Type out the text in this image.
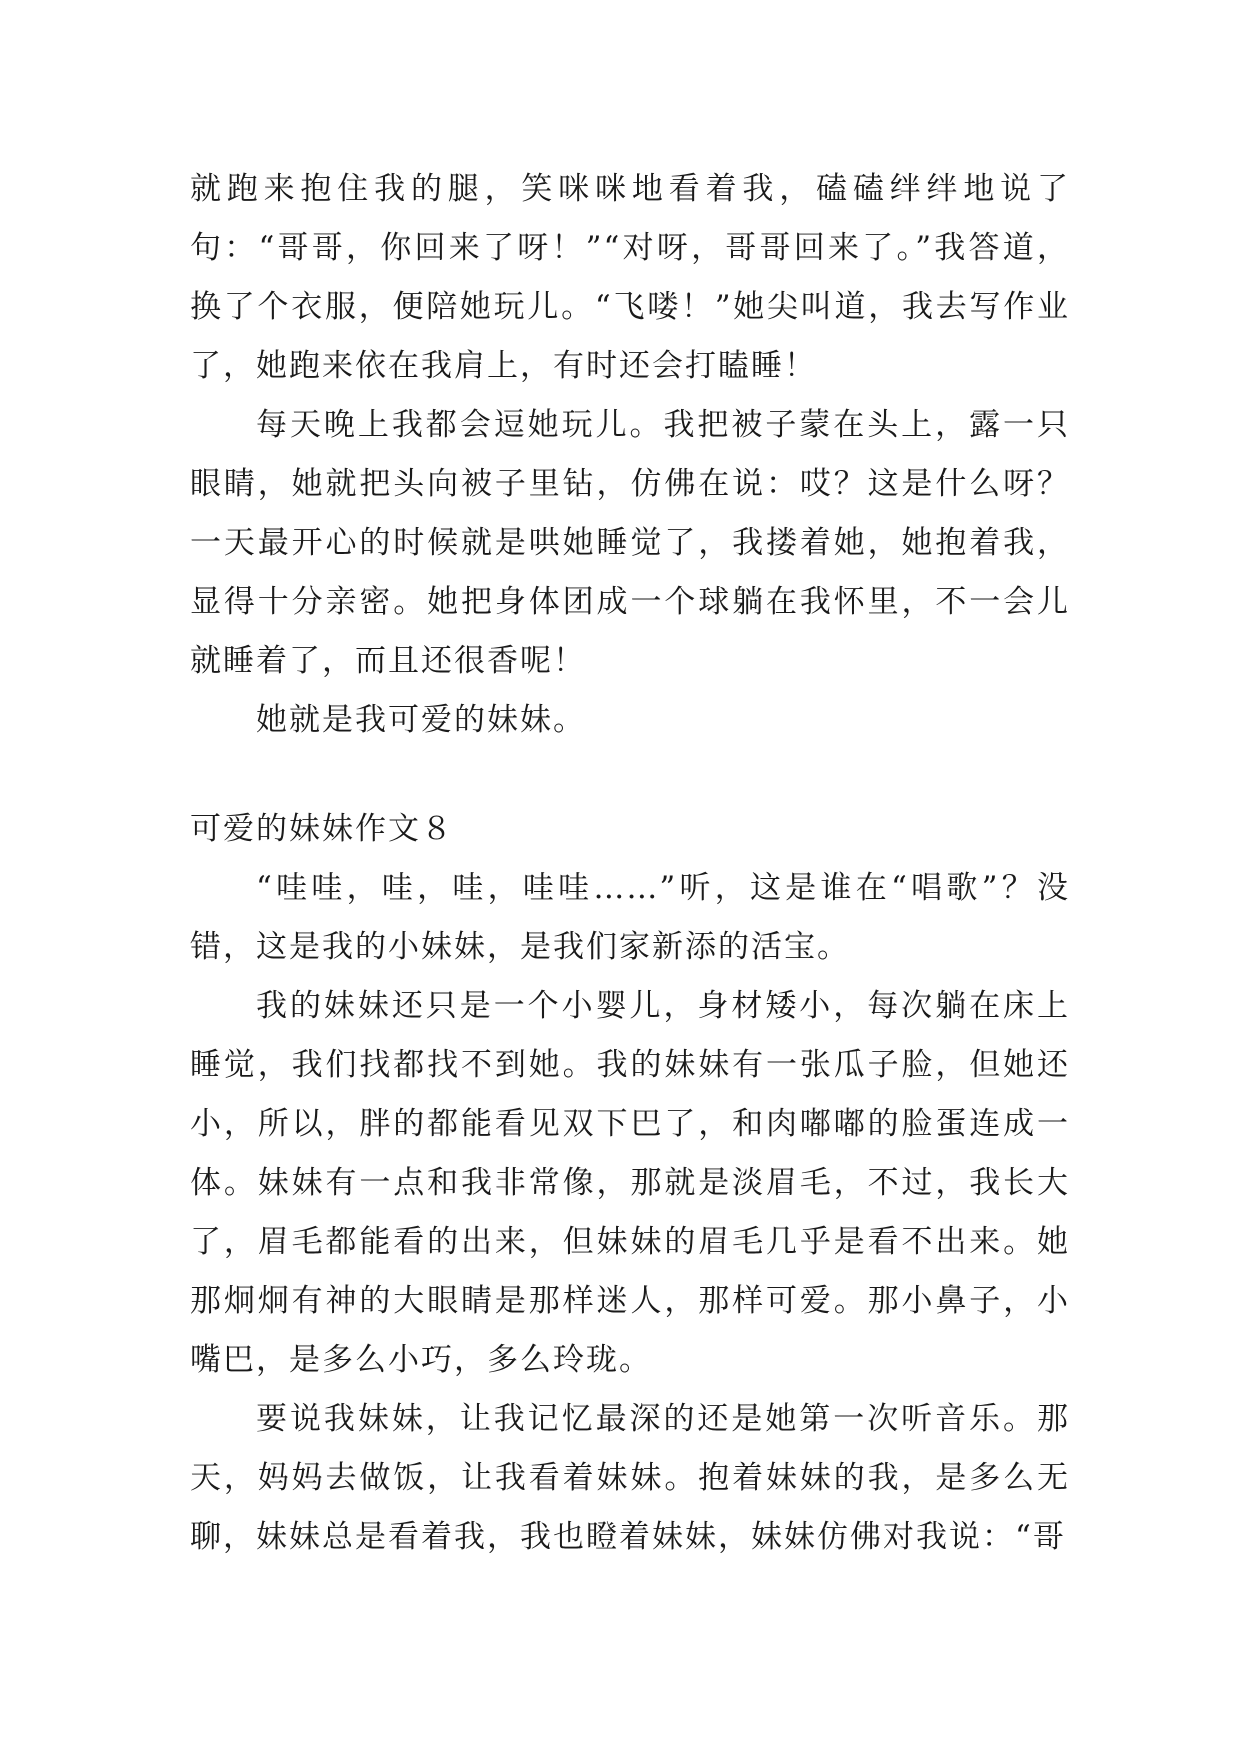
就跑来抱住我的腿，笑咪咪地看着我，磕磕绊绊地说了句：“哥哥，你回来了呀！”“对呀，哥哥回来了。”我答道，换了个衣服，便陪她玩儿。“飞喽！”她尖叫道，我去写作业了，她跑来依在我肩上，有时还会打瞌睡！

每天晚上我都会逗她玩儿。我把被子蒙在头上，露一只眼睛，她就把头向被子里钻，仿佛在说：哎？这是什么呀？一天最开心的时候就是哄她睡觉了，我搂着她，她抱着我，显得十分亲密。她把身体团成一个球躺在我怀里，不一会儿就睡着了，而且还很香呢！

她就是我可爱的妹妹。

可爱的妹妹作文８

“哇哇，哇，哇，哇哇……”听，这是谁在“唱歌”？没错，这是我的小妹妹，是我们家新添的活宝。

我的妹妹还只是一个小婴儿，身材矮小，每次躺在床上睡觉，我们找都找不到她。我的妹妹有一张瓜子脸，但她还小，所以，胖的都能看见双下巴了，和肉嘟嘟的脸蛋连成一体。妹妹有一点和我非常像，那就是淡眉毛，不过，我长大了，眉毛都能看的出来，但妹妹的眉毛几乎是看不出来。她那炯炯有神的大眼睛是那样迷人，那样可爱。那小鼻子，小嘴巴，是多么小巧，多么玲珑。

要说我妹妹，让我记忆最深的还是她第一次听音乐。那天，妈妈去做饭，让我看着妹妹。抱着妹妹的我，是多么无聊，妹妹总是看着我，我也瞪着妹妹，妹妹仿佛对我说：“哥
